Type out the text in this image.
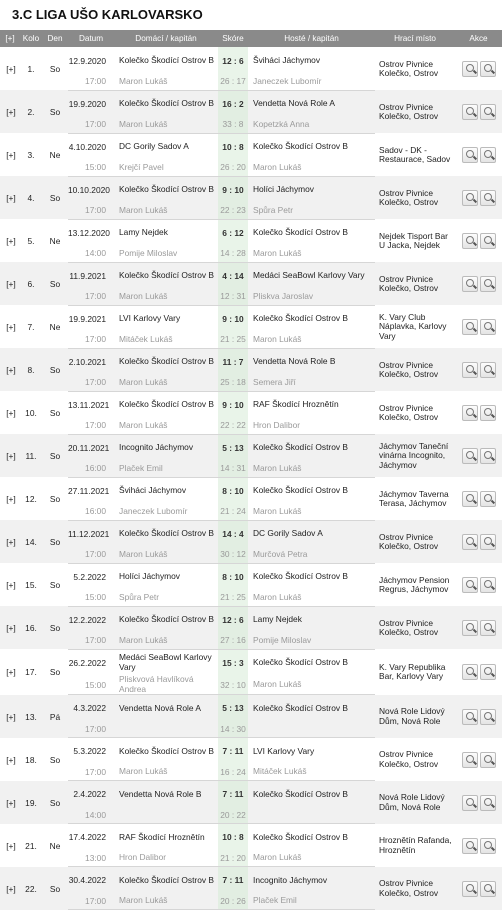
3.C LIGA UŠO KARLOVARSKO
[+]	Kolo	Den	Datum	Domácí / kapitán	Skóre	Hosté / kapitán	Hrací místo	Akce
[+]	1.	So	12.9.2020	Kolečko Škodící Ostrov B	12 : 6	Šviháci Jáchymov	Ostrov Pivnice Kolečko, Ostrov	
			17:00	Maron Lukáš	26 : 17	Janeczek Lubomír		
[+]	2.	So	19.9.2020	Kolečko Škodící Ostrov B	16 : 2	Vendetta Nová Role A	Ostrov Pivnice Kolečko, Ostrov	
			17:00	Maron Lukáš	33 : 8	Kopetzká Anna		
[+]	3.	Ne	4.10.2020	DC Gorily Sadov A	10 : 8	Kolečko Škodící Ostrov B	Sadov - DK - Restaurace, Sadov	
			15:00	Krejčí Pavel	26 : 20	Maron Lukáš		
[+]	4.	So	10.10.2020	Kolečko Škodící Ostrov B	9 : 10	Holíci Jáchymov	Ostrov Pivnice Kolečko, Ostrov	
			17:00	Maron Lukáš	22 : 23	Spůra Petr		
[+]	5.	Ne	13.12.2020	Lamy Nejdek	6 : 12	Kolečko Škodící Ostrov B	Nejdek Tisport Bar U Jacka, Nejdek	
			14:00	Pomije Miloslav	14 : 28	Maron Lukáš		
[+]	6.	So	11.9.2021	Kolečko Škodící Ostrov B	4 : 14	Medáci SeaBowl Karlovy Vary	Ostrov Pivnice Kolečko, Ostrov	
			17:00	Maron Lukáš	12 : 31	Pliskva Jaroslav		
[+]	7.	Ne	19.9.2021	LVI Karlovy Vary	9 : 10	Kolečko Škodící Ostrov B	K. Vary Club Náplavka, Karlovy Vary	
			17:00	Mitáček Lukáš	21 : 25	Maron Lukáš		
[+]	8.	So	2.10.2021	Kolečko Škodící Ostrov B	11 : 7	Vendetta Nová Role B	Ostrov Pivnice Kolečko, Ostrov	
			17:00	Maron Lukáš	25 : 18	Semera Jiří		
[+]	10.	So	13.11.2021	Kolečko Škodící Ostrov B	9 : 10	RAF Škodící Hroznětín	Ostrov Pivnice Kolečko, Ostrov	
			17:00	Maron Lukáš	22 : 22	Hron Dalibor		
[+]	11.	So	20.11.2021	Incognito Jáchymov	5 : 13	Kolečko Škodící Ostrov B	Jáchymov Taneční vinárna Incognito, Jáchymov	
			16:00	Plaček Emil	14 : 31	Maron Lukáš		
[+]	12.	So	27.11.2021	Šviháci Jáchymov	8 : 10	Kolečko Škodící Ostrov B	Jáchymov Taverna Terasa, Jáchymov	
			16:00	Janeczek Lubomír	21 : 24	Maron Lukáš		
[+]	14.	So	11.12.2021	Kolečko Škodící Ostrov B	14 : 4	DC Gorily Sadov A	Ostrov Pivnice Kolečko, Ostrov	
			17:00	Maron Lukáš	30 : 12	Murčová Petra		
[+]	15.	So	5.2.2022	Holíci Jáchymov	8 : 10	Kolečko Škodící Ostrov B	Jáchymov Pension Regrus, Jáchymov	
			15:00	Spůra Petr	21 : 25	Maron Lukáš		
[+]	16.	So	12.2.2022	Kolečko Škodící Ostrov B	12 : 6	Lamy Nejdek	Ostrov Pivnice Kolečko, Ostrov	
			17:00	Maron Lukáš	27 : 16	Pomije Miloslav		
[+]	17.	So	26.2.2022	Medáci SeaBowl Karlovy Vary	15 : 3	Kolečko Škodící Ostrov B	K. Vary Republika Bar, Karlovy Vary	
			15:00	Pliskvová Havlíková Andrea	32 : 10	Maron Lukáš		
[+]	13.	Pá	4.3.2022	Vendetta Nová Role A	5 : 13	Kolečko Škodící Ostrov B	Nová Role Lidový Dům, Nová Role	
			17:00		14 : 30			
[+]	18.	So	5.3.2022	Kolečko Škodící Ostrov B	7 : 11	LVI Karlovy Vary	Ostrov Pivnice Kolečko, Ostrov	
			17:00	Maron Lukáš	16 : 24	Mitáček Lukáš		
[+]	19.	So	2.4.2022	Vendetta Nová Role B	7 : 11	Kolečko Škodící Ostrov B	Nová Role Lidový Dům, Nová Role	
			14:00		20 : 22			
[+]	21.	Ne	17.4.2022	RAF Škodící Hroznětín	10 : 8	Kolečko Škodící Ostrov B	Hroznětín Rafanda, Hroznětín	
			13:00	Hron Dalibor	21 : 20	Maron Lukáš		
[+]	22.	So	30.4.2022	Kolečko Škodící Ostrov B	7 : 11	Incognito Jáchymov	Ostrov Pivnice Kolečko, Ostrov	
			17:00	Maron Lukáš	20 : 26	Plaček Emil		
